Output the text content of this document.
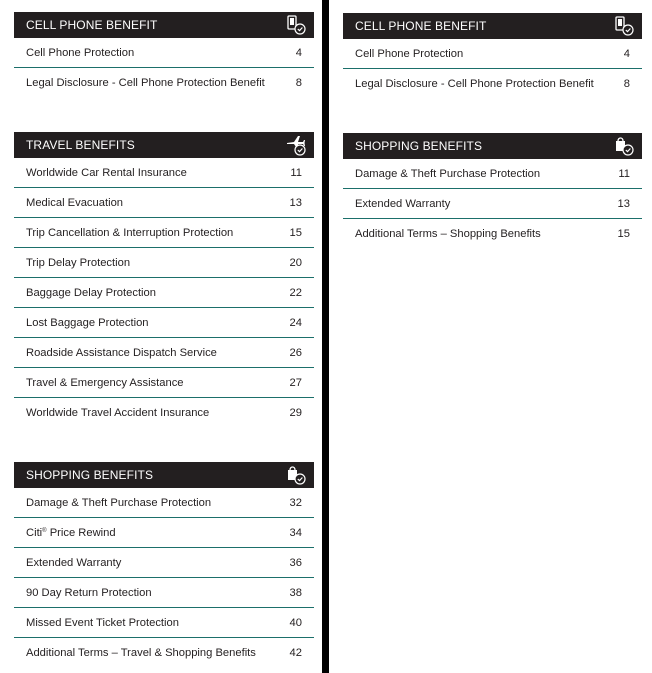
CELL PHONE BENEFIT
Cell Phone Protection	4
Legal Disclosure - Cell Phone Protection Benefit	8
TRAVEL BENEFITS
Worldwide Car Rental Insurance	11
Medical Evacuation	13
Trip Cancellation & Interruption Protection	15
Trip Delay Protection	20
Baggage Delay Protection	22
Lost Baggage Protection	24
Roadside Assistance Dispatch Service	26
Travel & Emergency Assistance	27
Worldwide Travel Accident Insurance	29
SHOPPING BENEFITS
Damage & Theft Purchase Protection	32
Citi® Price Rewind	34
Extended Warranty	36
90 Day Return Protection	38
Missed Event Ticket Protection	40
Additional Terms – Travel & Shopping Benefits	42
CELL PHONE BENEFIT
Cell Phone Protection	4
Legal Disclosure - Cell Phone Protection Benefit	8
SHOPPING BENEFITS
Damage & Theft Purchase Protection	11
Extended Warranty	13
Additional Terms – Shopping Benefits	15
